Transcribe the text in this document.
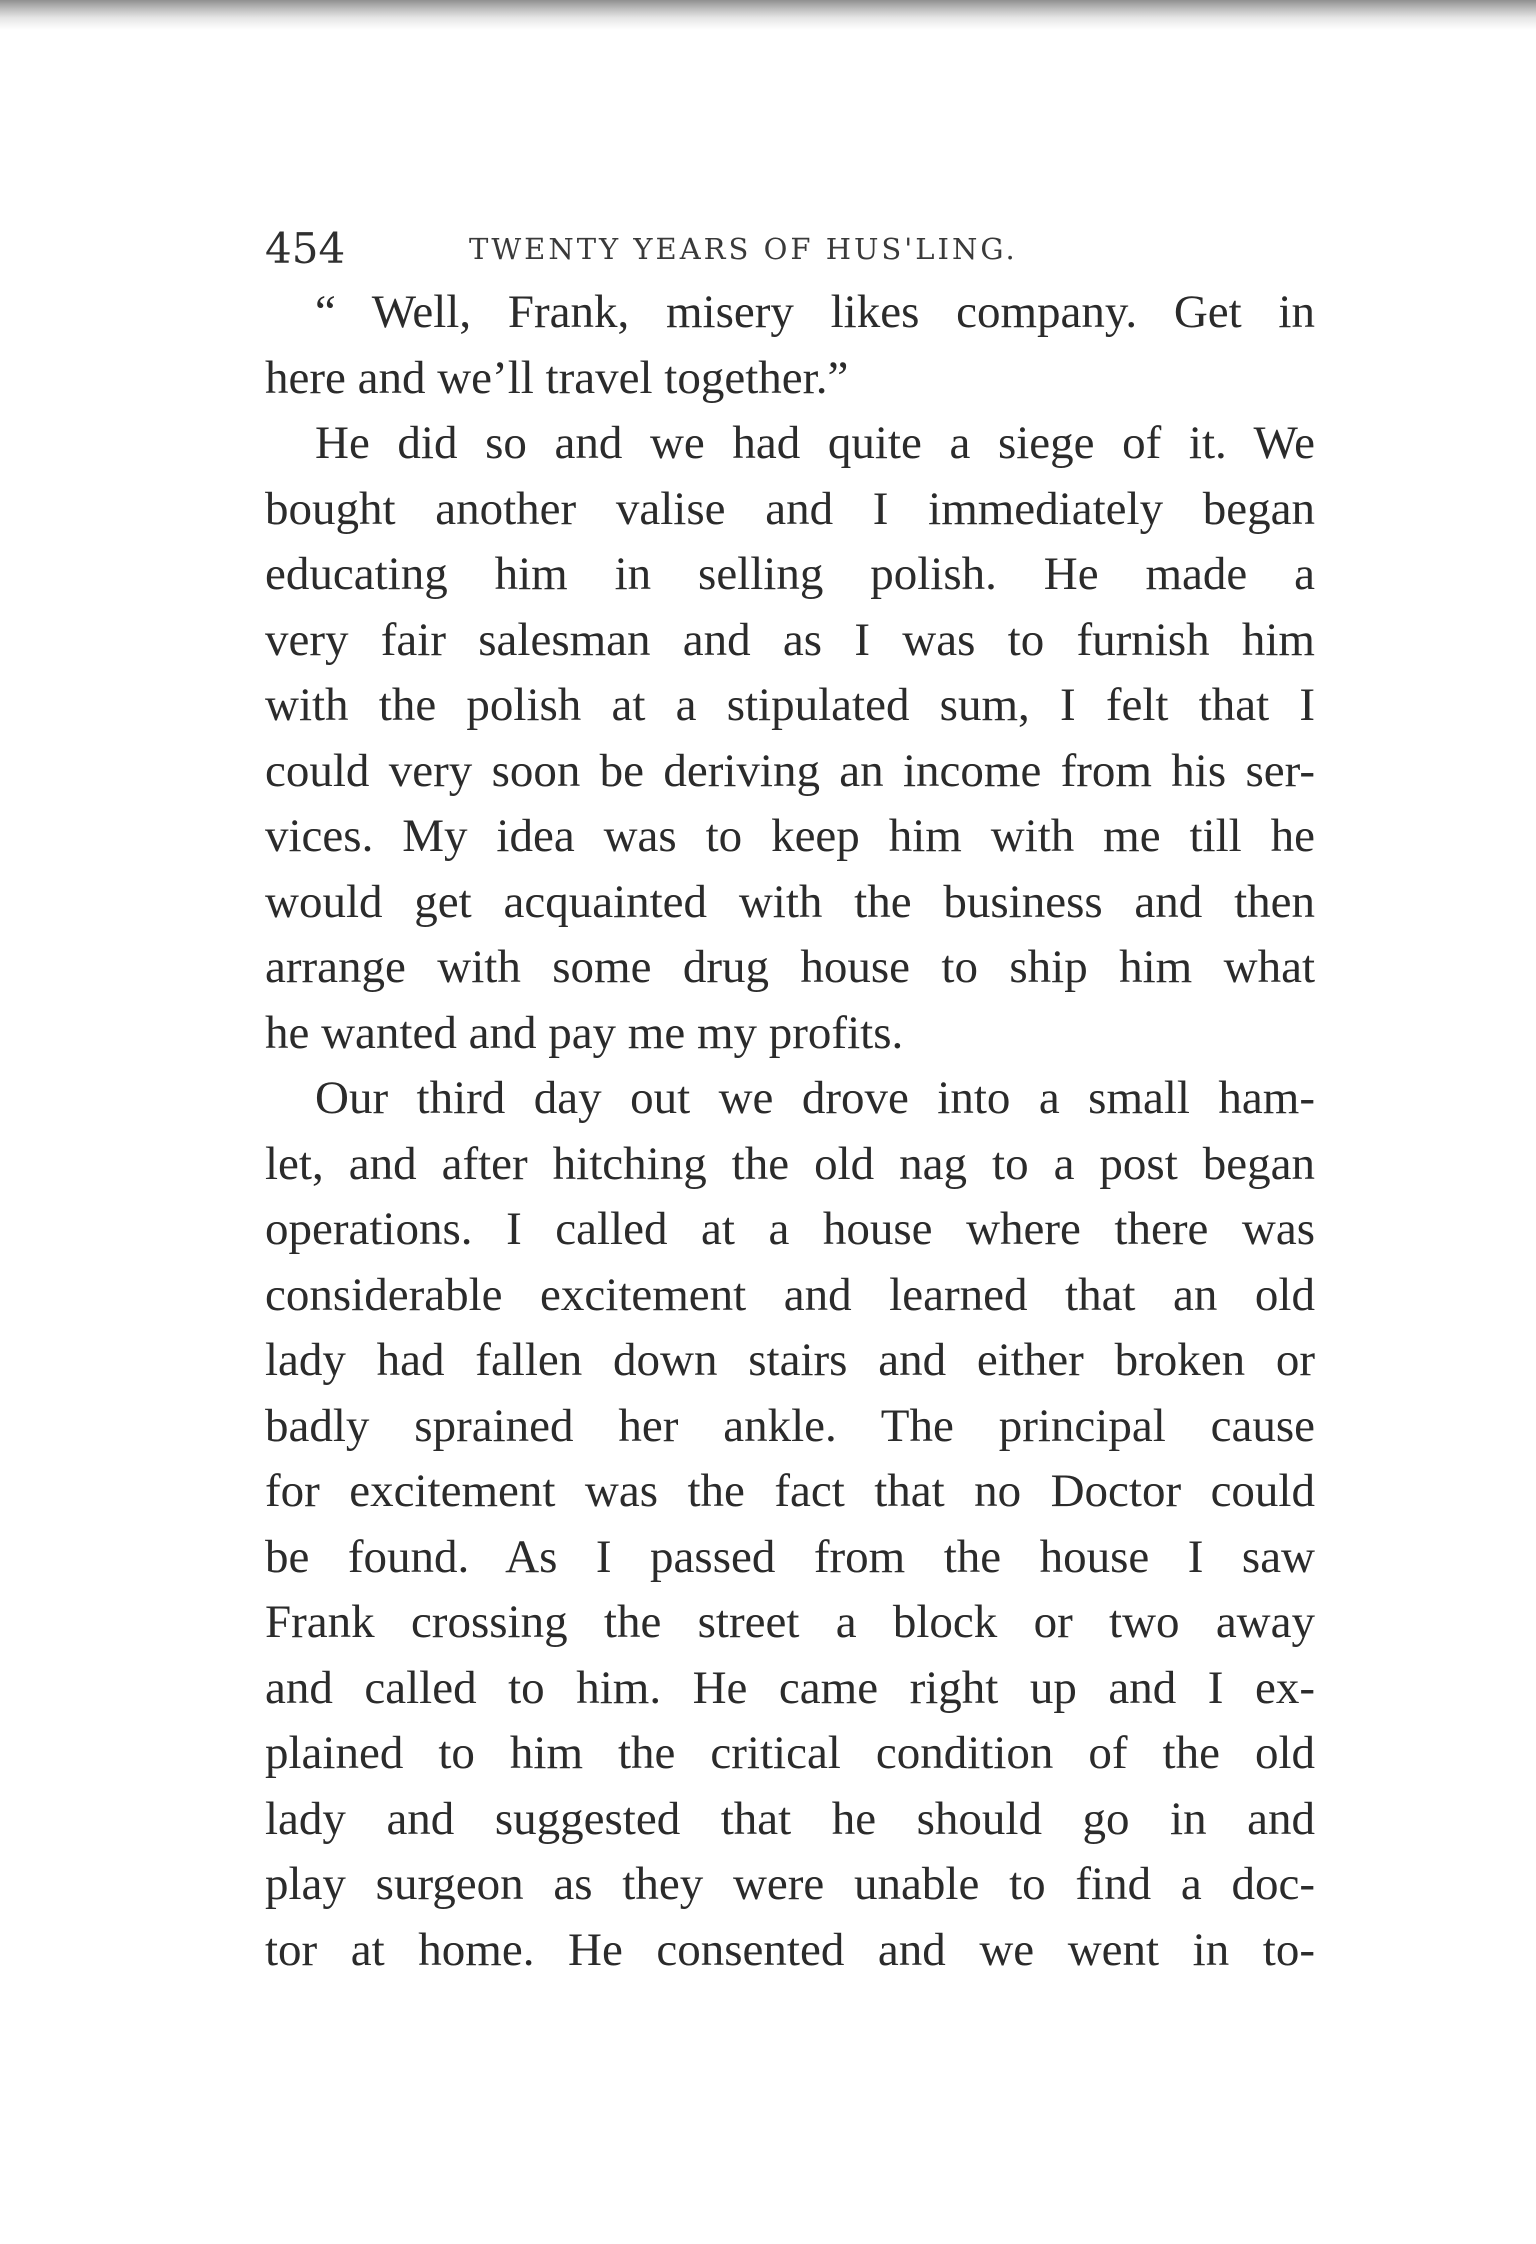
454	TWENTY YEARS OF HUS'LING.
“ Well, Frank, misery likes company. Get in
here and we’ll travel together.”
He did so and we had quite a siege of it. We
bought another valise and I immediately began
educating him in selling polish. He made a
very fair salesman and as I was to furnish him
with the polish at a stipulated sum, I felt that I
could very soon be deriving an income from his ser-
vices. My idea was to keep him with me till he
would get acquainted with the business and then
arrange with some drug house to ship him what
he wanted and pay me my profits.
Our third day out we drove into a small ham-
let, and after hitching the old nag to a post began
operations. I called at a house where there was
considerable excitement and learned that an old
lady had fallen down stairs and either broken or
badly sprained her ankle. The principal cause
for excitement was the fact that no Doctor could
be found. As I passed from the house I saw
Frank crossing the street a block or two away
and called to him. He came right up and I ex-
plained to him the critical condition of the old
lady and suggested that he should go in and
play surgeon as they were unable to find a doc-
tor at home. He consented and we went in to-
